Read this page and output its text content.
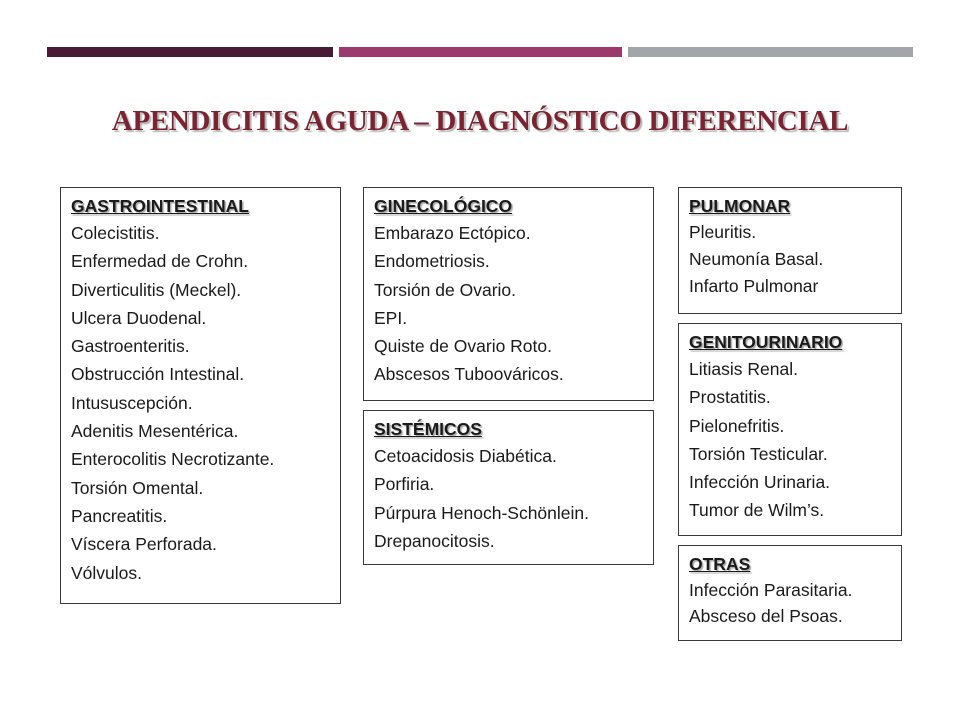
APENDICITIS AGUDA – DIAGNÓSTICO DIFERENCIAL
GASTROINTESTINAL
Colecistitis.
Enfermedad de Crohn.
Diverticulitis (Meckel).
Ulcera Duodenal.
Gastroenteritis.
Obstrucción Intestinal.
Intususcepción.
Adenitis Mesentérica.
Enterocolitis Necrotizante.
Torsión Omental.
Pancreatitis.
Víscera Perforada.
Vólvulos.
GINECOLÓGICO
Embarazo Ectópico.
Endometriosis.
Torsión de Ovario.
EPI.
Quiste de Ovario Roto.
Abscesos Tuboováricos.
SISTÉMICOS
Cetoacidosis Diabética.
Porfiria.
Púrpura Henoch-Schönlein.
Drepanocitosis.
PULMONAR
Pleuritis.
Neumonía Basal.
Infarto Pulmonar
GENITOURINARIO
Litiasis Renal.
Prostatitis.
Pielonefritis.
Torsión Testicular.
Infección Urinaria.
Tumor de Wilm’s.
OTRAS
Infección Parasitaria.
Absceso del Psoas.
